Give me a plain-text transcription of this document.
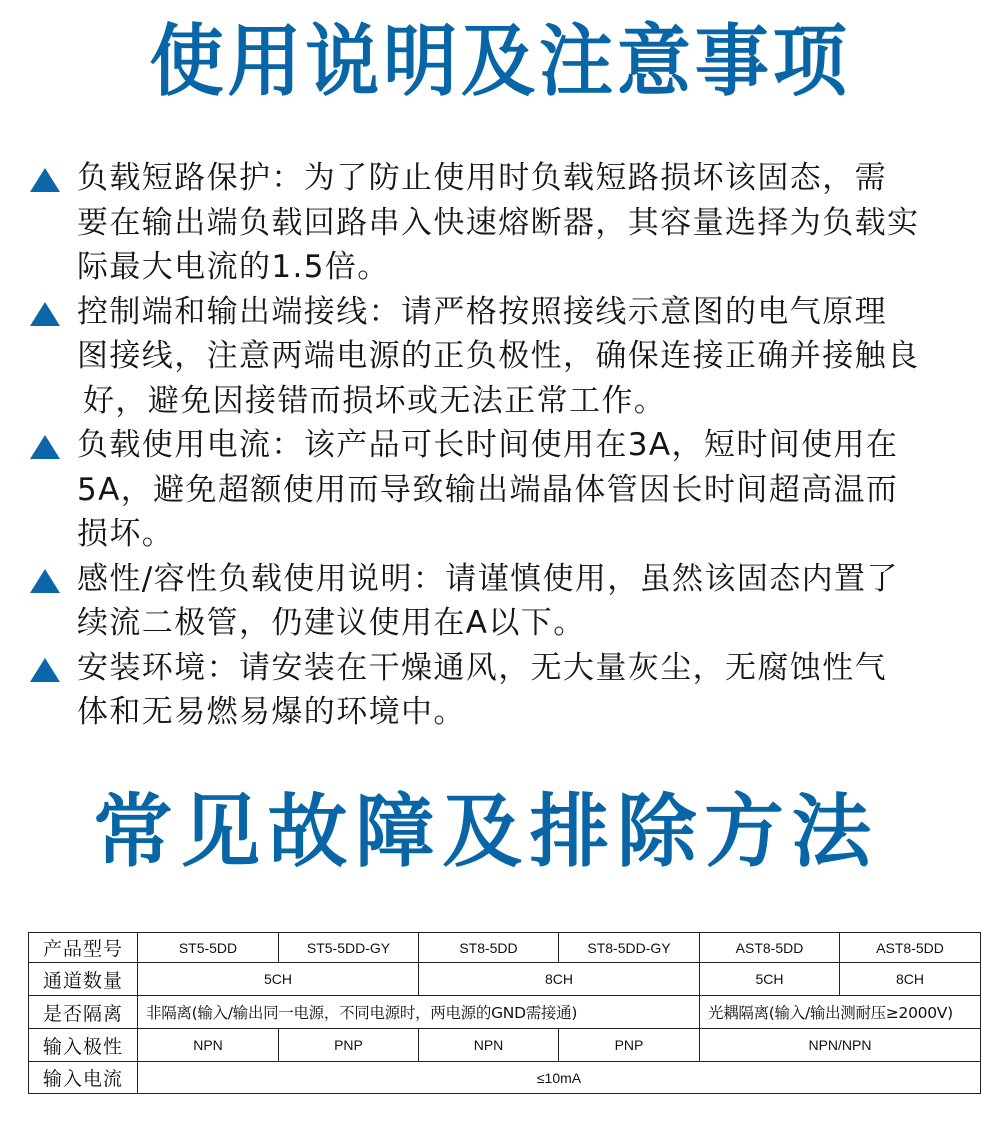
使用说明及注意事项
负载短路保护：为了防止使用时负载短路损坏该固态，需
要在输出端负载回路串入快速熔断器，其容量选择为负载实
际最大电流的1.5倍。
控制端和输出端接线：请严格按照接线示意图的电气原理
图接线，注意两端电源的正负极性，确保连接正确并接触良
好，避免因接错而损坏或无法正常工作。
负载使用电流：该产品可长时间使用在3A，短时间使用在
5A，避免超额使用而导致输出端晶体管因长时间超高温而
损坏。
感性/容性负载使用说明：请谨慎使用，虽然该固态内置了
续流二极管，仍建议使用在A以下。
安装环境：请安装在干燥通风，无大量灰尘，无腐蚀性气
体和无易燃易爆的环境中。
常见故障及排除方法
产品型号	ST5-5DD	ST5-5DD-GY	ST8-5DD	ST8-5DD-GY	AST8-5DD	AST8-5DD
通道数量	5CH		8CH		5CH	8CH
是否隔离	非隔离(输入/输出同一电源，不同电源时，两电源的GND需接通)				光耦隔离(输入/输出测耐压≥2000V)	
输入极性	NPN	PNP	NPN	PNP	NPN/NPN	
输入电流	≤10mA					
